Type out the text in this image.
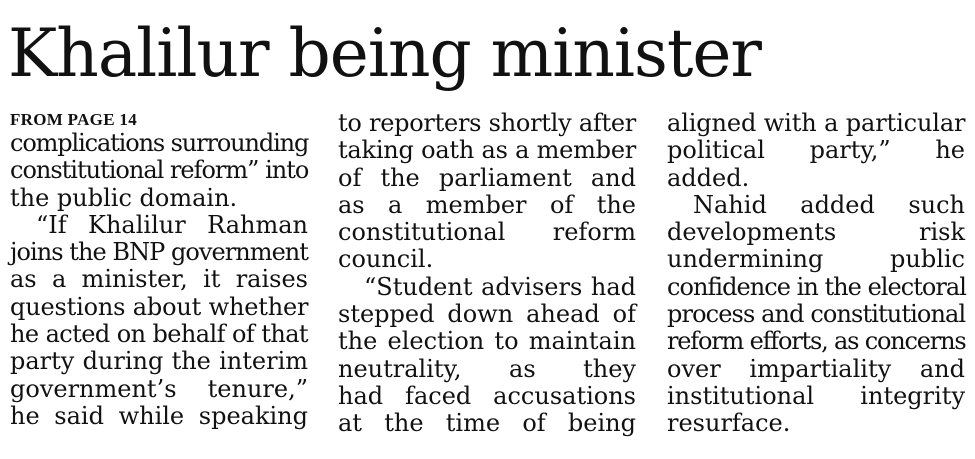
Khalilur being minister
FROM PAGE 14
complications surrounding
constitutional reform” into
the public domain.
“If Khalilur Rahman
joins the BNP government
as a minister, it raises
questions about whether
he acted on behalf of that
party during the interim
government’s tenure,”
he said while speaking
to reporters shortly after
taking oath as a member
of the parliament and
as a member of the
constitutional reform
council.
“Student advisers had
stepped down ahead of
the election to maintain
neutrality, as they
had faced accusations
at the time of being
aligned with a particular
political party,” he
added.
Nahid added such
developments risk
undermining public
confidence in the electoral
process and constitutional
reform efforts, as concerns
over impartiality and
institutional integrity
resurface.
